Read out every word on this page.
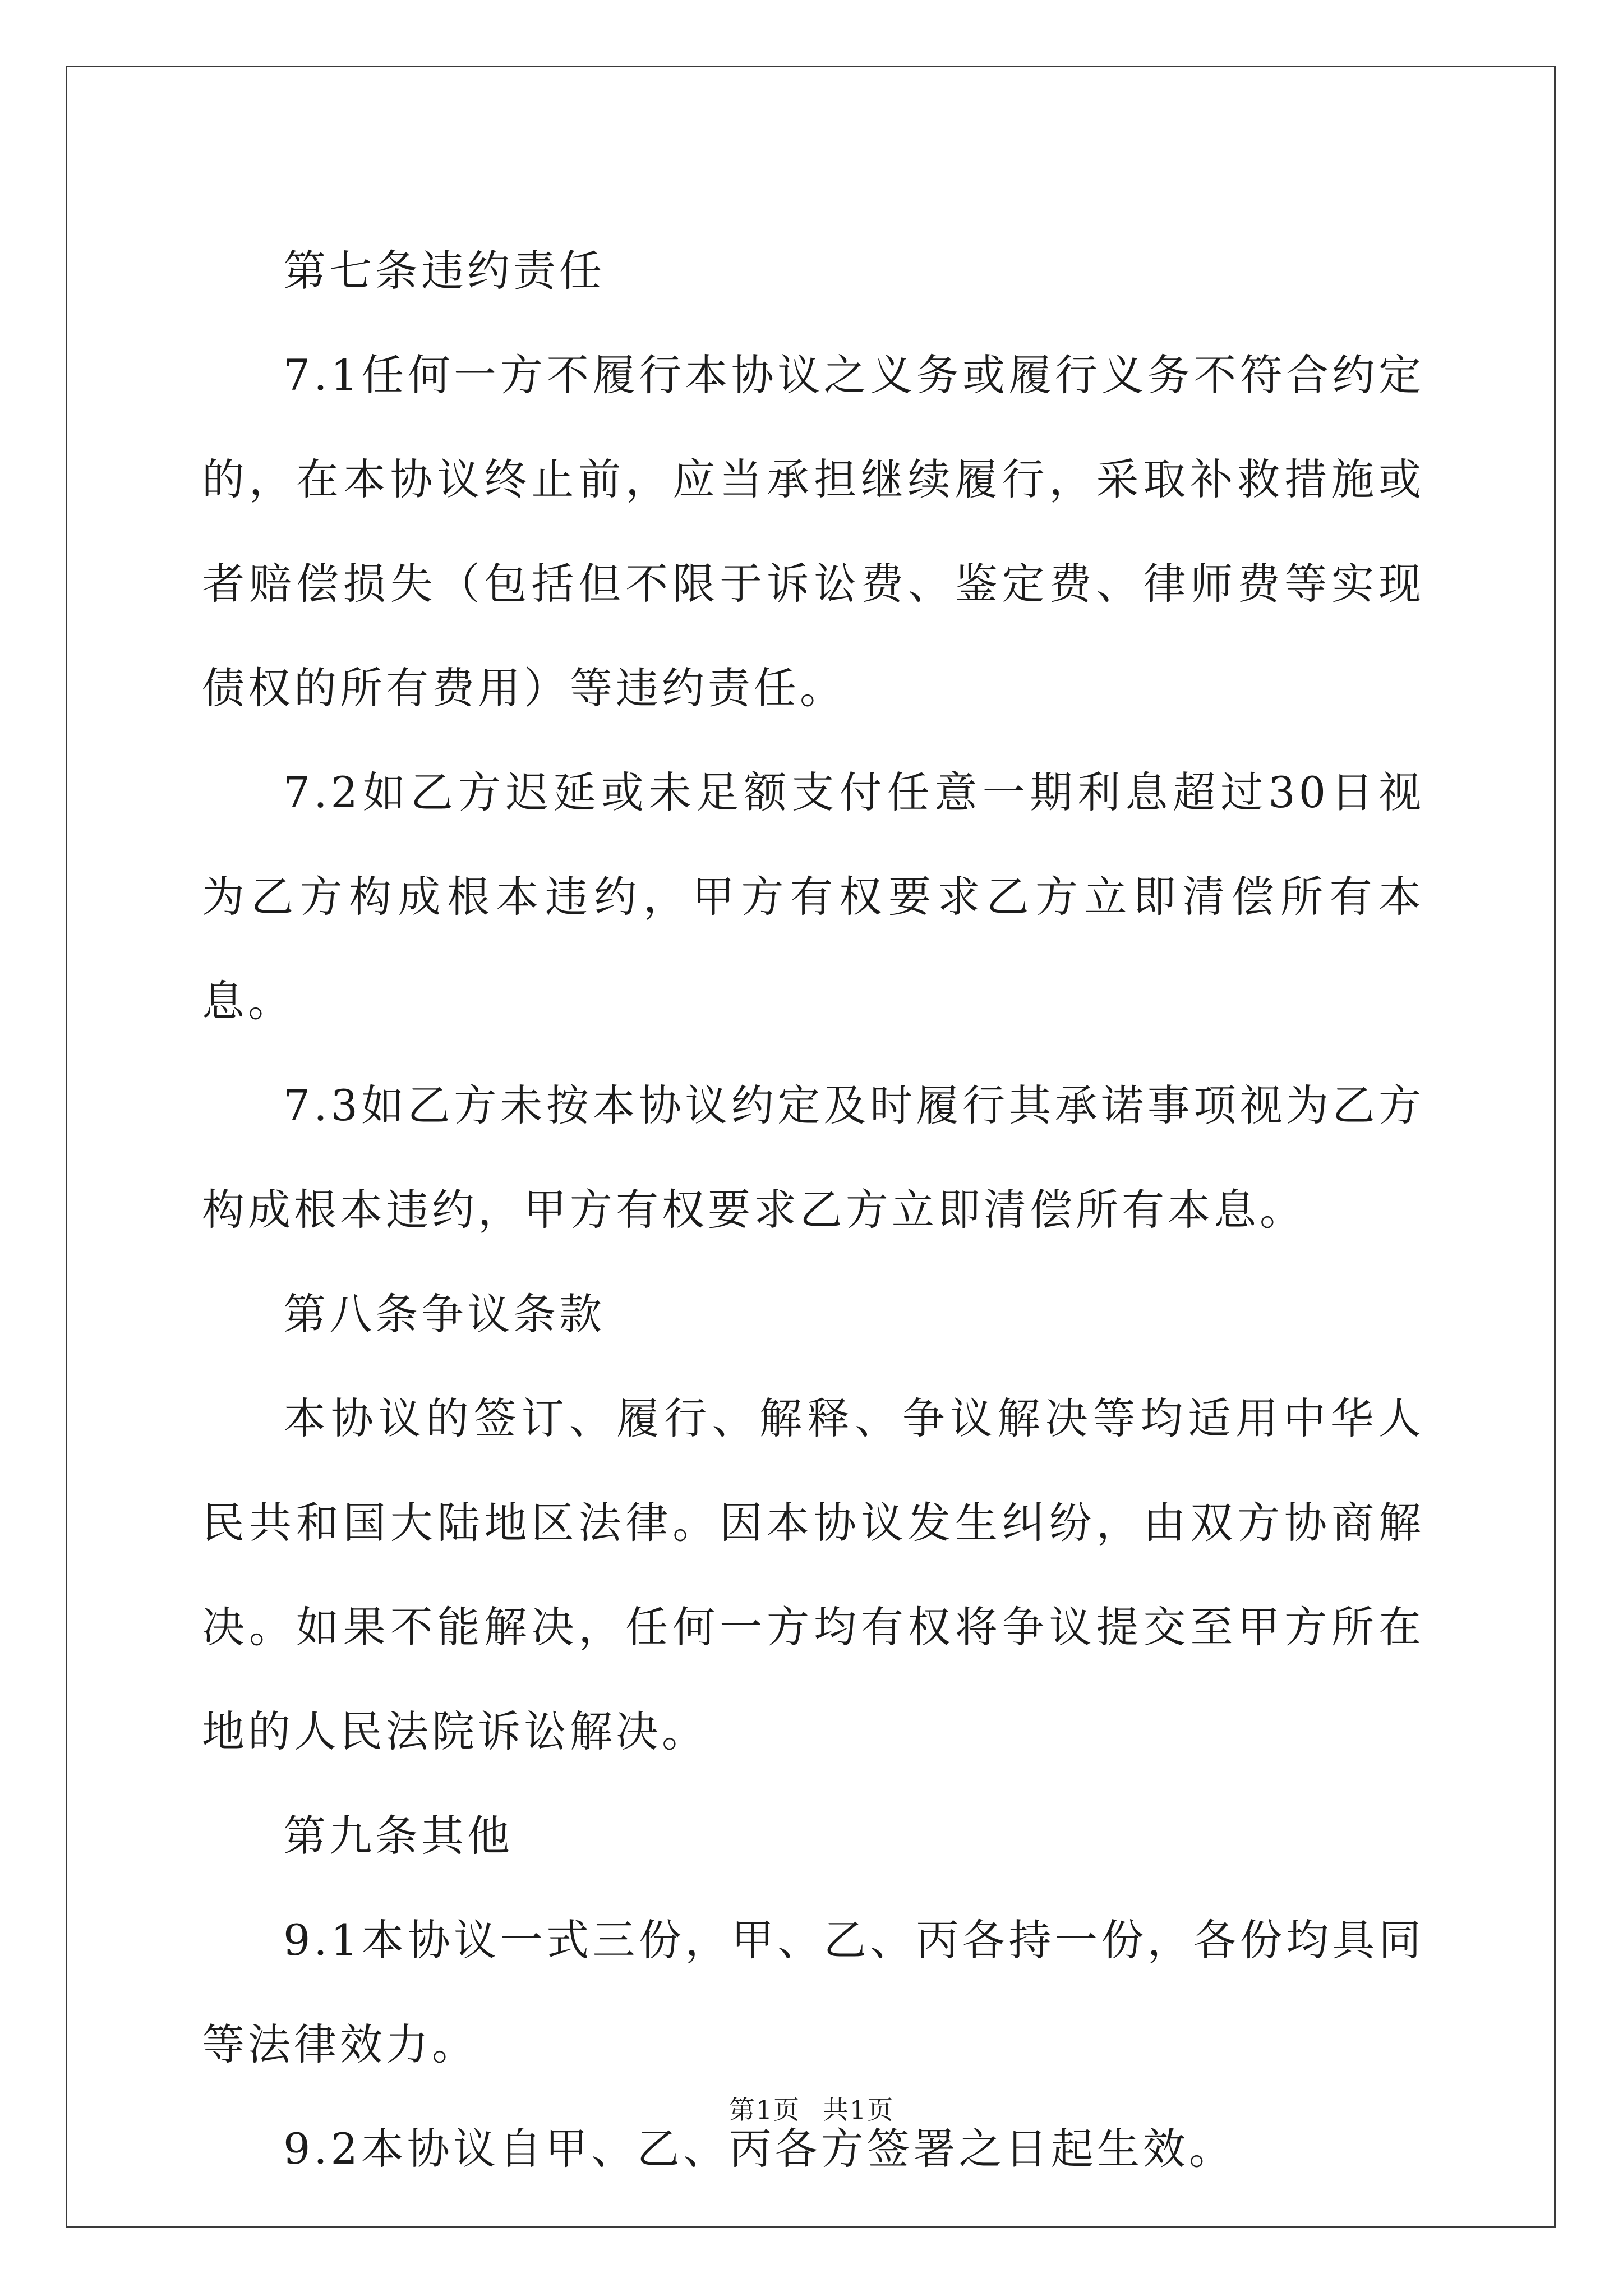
第七条违约责任

7.1任何一方不履行本协议之义务或履行义务不符合约定的，在本协议终止前，应当承担继续履行，采取补救措施或者赔偿损失（包括但不限于诉讼费、鉴定费、律师费等实现债权的所有费用）等违约责任。

7.2如乙方迟延或未足额支付任意一期利息超过30日视为乙方构成根本违约，甲方有权要求乙方立即清偿所有本息。

7.3如乙方未按本协议约定及时履行其承诺事项视为乙方构成根本违约，甲方有权要求乙方立即清偿所有本息。

第八条争议条款

本协议的签订、履行、解释、争议解决等均适用中华人民共和国大陆地区法律。因本协议发生纠纷，由双方协商解决。如果不能解决，任何一方均有权将争议提交至甲方所在地的人民法院诉讼解决。

第九条其他

9.1本协议一式三份，甲、乙、丙各持一份，各份均具同等法律效力。

9.2本协议自甲、乙、丙各方签署之日起生效。

第1页 共1页
